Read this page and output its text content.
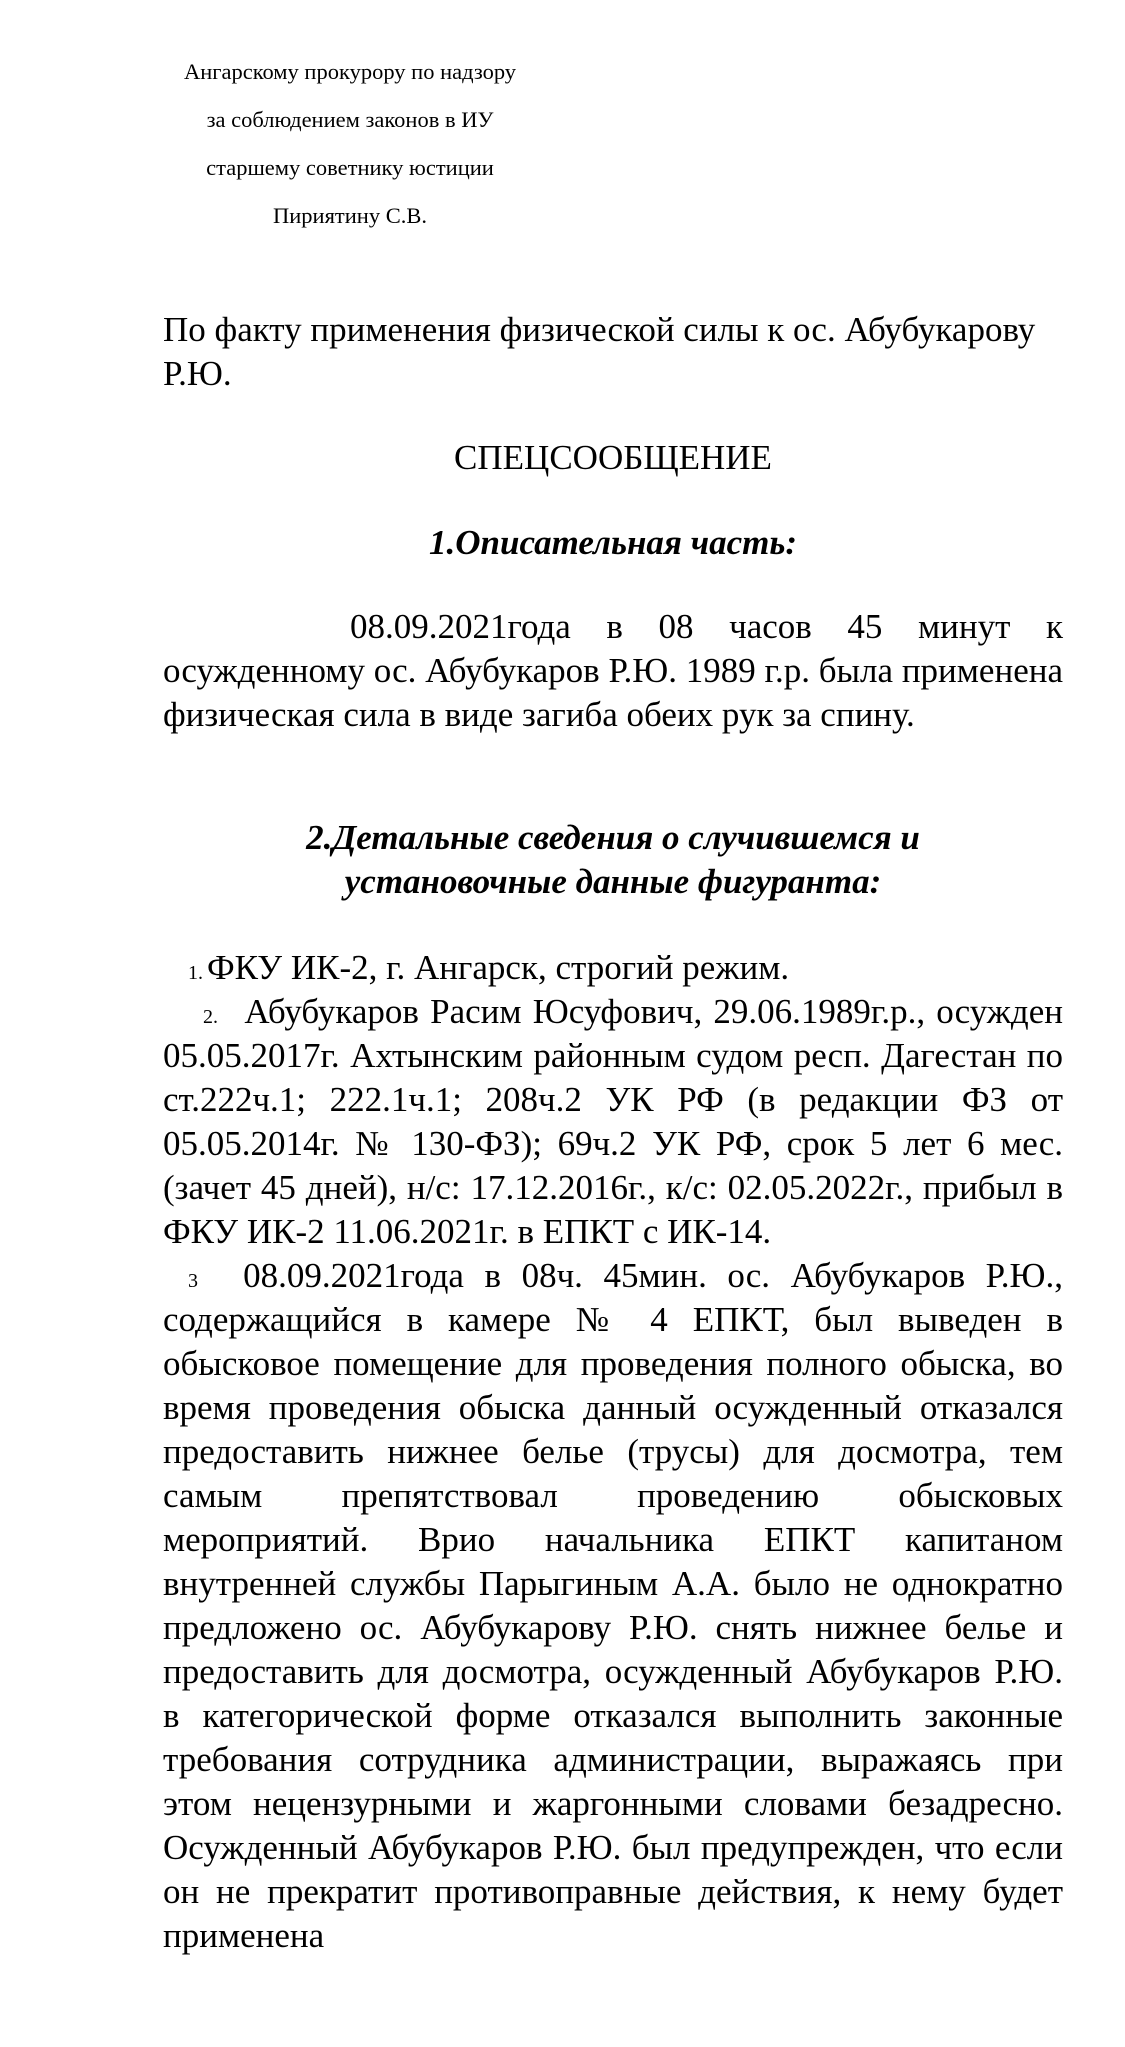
Ангарскому прокурору по надзору
за соблюдением законов в ИУ
старшему советнику юстиции
Пириятину С.В.
По факту применения физической силы к ос. Абубукарову Р.Ю.
СПЕЦСООБЩЕНИЕ
1.Описательная часть:
08.09.2021года в 08 часов 45 минут к осужденному ос. Абубукаров Р.Ю. 1989 г.р. была применена физическая сила в виде загиба обеих рук за спину.
2.Детальные сведения о случившемся и
установочные данные фигуранта:

1. ФКУ ИК-2, г. Ангарск, строгий режим.

2. Абубукаров Расим Юсуфович, 29.06.1989г.р., осужден 05.05.2017г. Ахтынским районным судом респ. Дагестан по ст.222ч.1; 222.1ч.1; 208ч.2 УК РФ (в редакции ФЗ от 05.05.2014г. № 130-ФЗ); 69ч.2 УК РФ, срок 5 лет 6 мес. (зачет 45 дней), н/с: 17.12.2016г., к/с: 02.05.2022г., прибыл в ФКУ ИК-2 11.06.2021г. в ЕПКТ с ИК-14.

3 08.09.2021года в 08ч. 45мин. ос. Абубукаров Р.Ю., содержащийся в камере № 4 ЕПКТ, был выведен в обысковое помещение для проведения полного обыска, во время проведения обыска данный осужденный отказался предоставить нижнее белье (трусы) для досмотра, тем самым препятствовал проведению обысковых мероприятий. Врио начальника ЕПКТ капитаном внутренней службы Парыгиным А.А. было не однократно предложено ос. Абубукарову Р.Ю. снять нижнее белье и предоставить для досмотра, осужденный Абубукаров Р.Ю. в категорической форме отказался выполнить законные требования сотрудника администрации, выражаясь при этом нецензурными и жаргонными словами безадресно. Осужденный Абубукаров Р.Ю. был предупрежден, что если он не прекратит противоправные действия, к нему будет применена
